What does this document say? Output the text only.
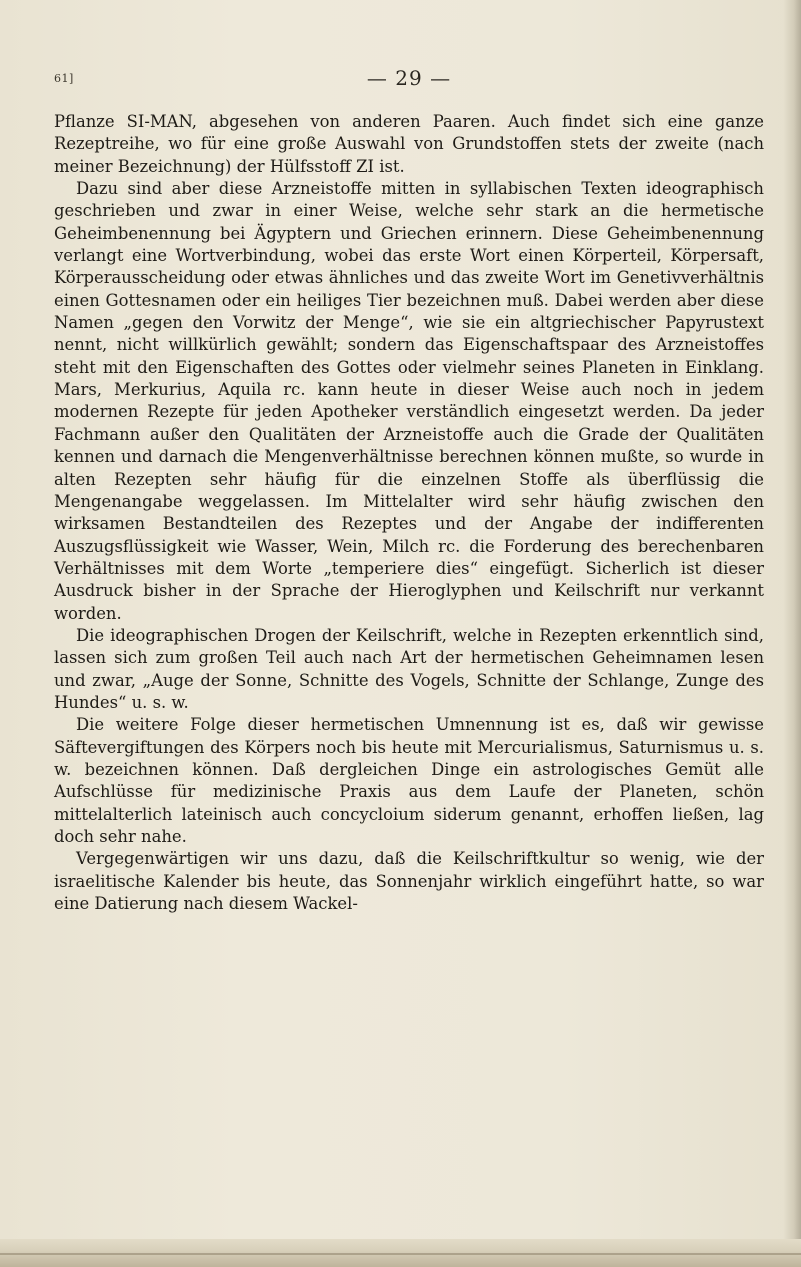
61]	— 29 —

Pflanze SI-MAN, abgesehen von anderen Paaren. Auch findet sich eine ganze Rezeptreihe, wo für eine große Auswahl von Grundstoffen stets der zweite (nach meiner Bezeichnung) der Hülfsstoff ZI ist.

Dazu sind aber diese Arzneistoffe mitten in syllabischen Texten ideographisch geschrieben und zwar in einer Weise, welche sehr stark an die hermetische Geheimbenennung bei Ägyptern und Griechen erinnern. Diese Geheimbenennung verlangt eine Wortverbindung, wobei das erste Wort einen Körperteil, Körpersaft, Körperausscheidung oder etwas ähnliches und das zweite Wort im Genetivverhältnis einen Gottesnamen oder ein heiliges Tier bezeichnen muß. Dabei werden aber diese Namen „gegen den Vorwitz der Menge“, wie sie ein altgriechischer Papyrustext nennt, nicht willkürlich gewählt; sondern das Eigenschaftspaar des Arzneistoffes steht mit den Eigenschaften des Gottes oder vielmehr seines Planeten in Einklang. Mars, Merkurius, Aquila rc. kann heute in dieser Weise auch noch in jedem modernen Rezepte für jeden Apotheker verständlich eingesetzt werden. Da jeder Fachmann außer den Qualitäten der Arzneistoffe auch die Grade der Qualitäten kennen und darnach die Mengenverhältnisse berechnen können mußte, so wurde in alten Rezepten sehr häufig für die einzelnen Stoffe als überflüssig die Mengenangabe weggelassen. Im Mittelalter wird sehr häufig zwischen den wirksamen Bestandteilen des Rezeptes und der Angabe der indifferenten Auszugsflüssigkeit wie Wasser, Wein, Milch rc. die Forderung des berechenbaren Verhältnisses mit dem Worte „temperiere dies“ eingefügt. Sicherlich ist dieser Ausdruck bisher in der Sprache der Hieroglyphen und Keilschrift nur verkannt worden.

Die ideographischen Drogen der Keilschrift, welche in Rezepten erkenntlich sind, lassen sich zum großen Teil auch nach Art der hermetischen Geheimnamen lesen und zwar, „Auge der Sonne, Schnitte des Vogels, Schnitte der Schlange, Zunge des Hundes“ u. s. w.

Die weitere Folge dieser hermetischen Umnennung ist es, daß wir gewisse Säftevergiftungen des Körpers noch bis heute mit Mercurialismus, Saturnismus u. s. w. bezeichnen können. Daß dergleichen Dinge ein astrologisches Gemüt alle Aufschlüsse für medizinische Praxis aus dem Laufe der Planeten, schön mittelalterlich lateinisch auch concycloium siderum genannt, erhoffen ließen, lag doch sehr nahe.

Vergegenwärtigen wir uns dazu, daß die Keilschriftkultur so wenig, wie der israelitische Kalender bis heute, das Sonnenjahr wirklich eingeführt hatte, so war eine Datierung nach diesem Wackel-
